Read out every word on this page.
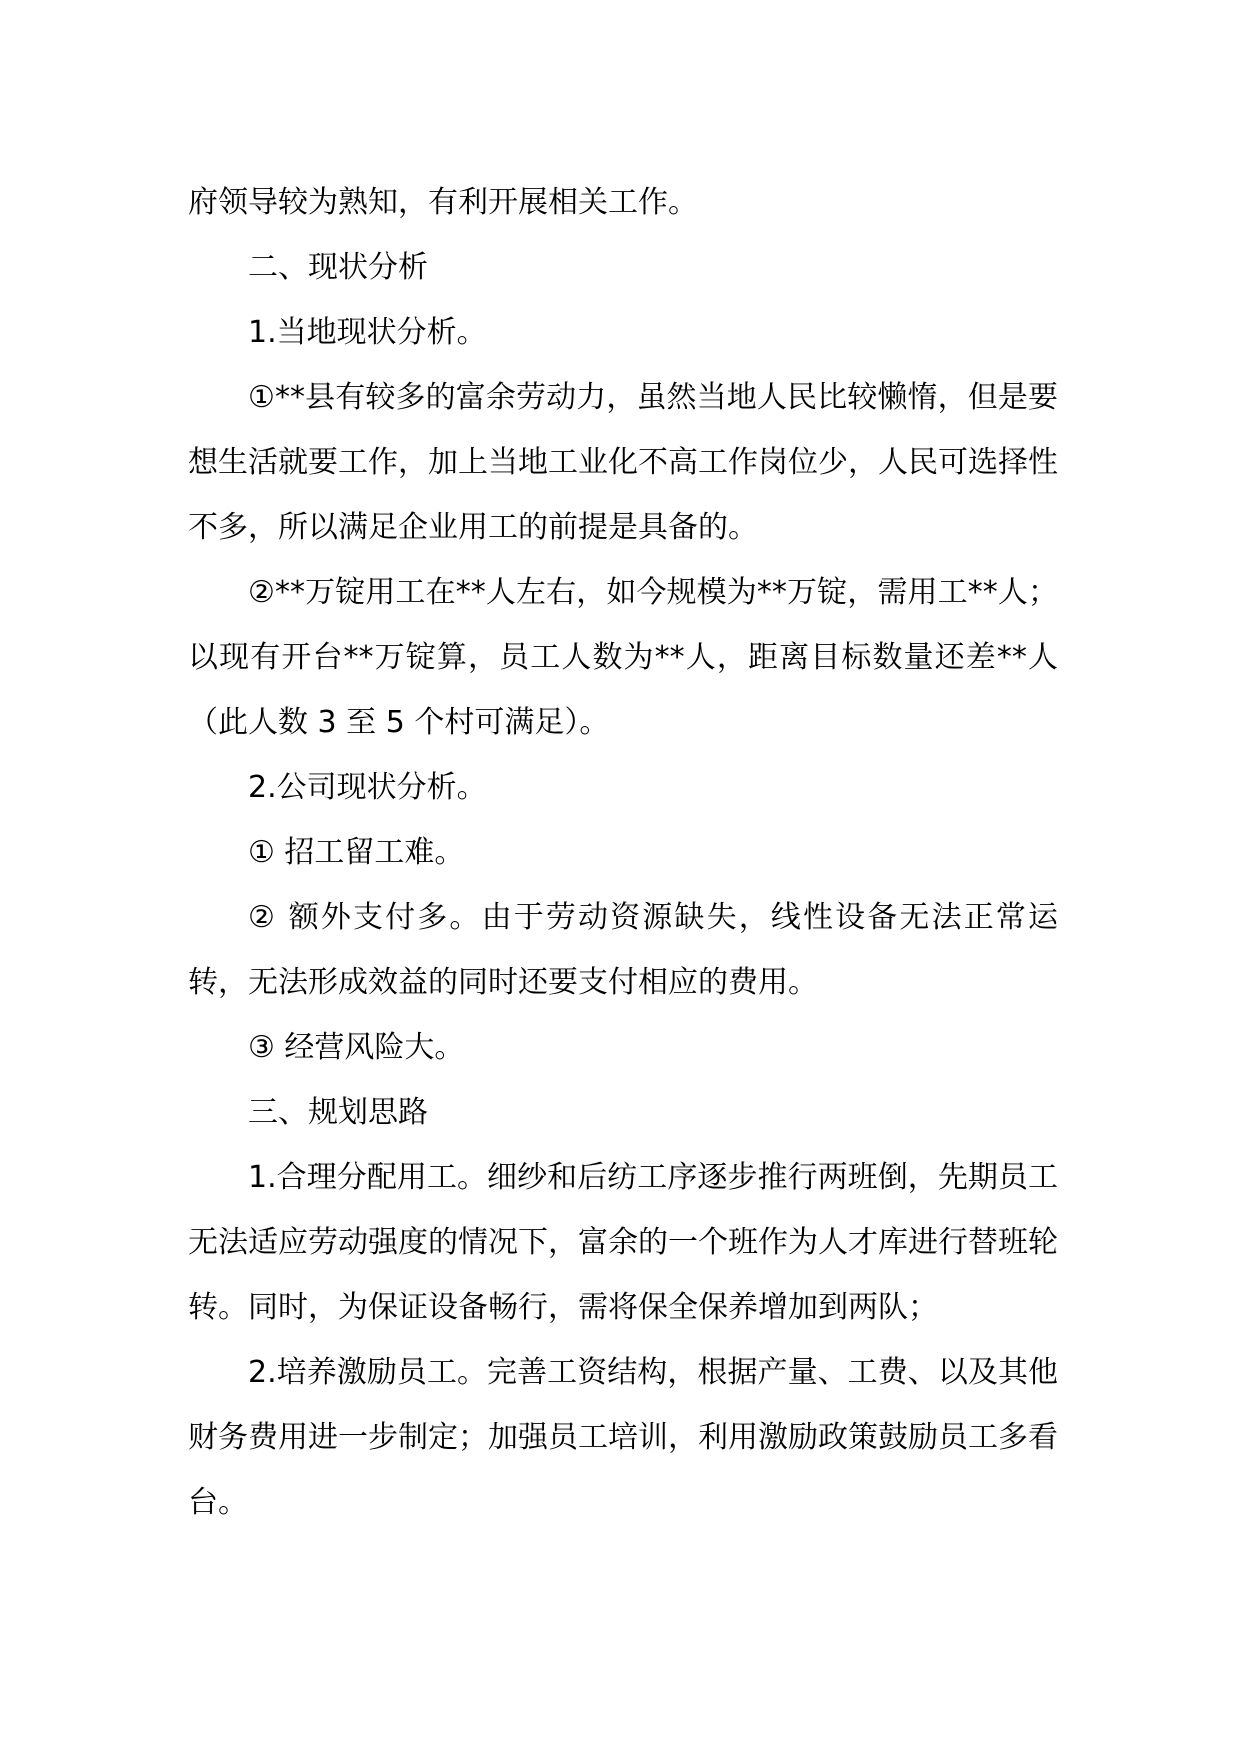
府领导较为熟知，有利开展相关工作。

二、现状分析

1.当地现状分析。

①**县有较多的富余劳动力，虽然当地人民比较懒惰，但是要想生活就要工作，加上当地工业化不高工作岗位少，人民可选择性不多，所以满足企业用工的前提是具备的。

②**万锭用工在**人左右，如今规模为**万锭，需用工**人；以现有开台**万锭算，员工人数为**人，距离目标数量还差**人（此人数 3 至 5 个村可满足）。

2.公司现状分析。

① 招工留工难。

② 额外支付多。由于劳动资源缺失，线性设备无法正常运转，无法形成效益的同时还要支付相应的费用。

③ 经营风险大。

三、规划思路

1.合理分配用工。细纱和后纺工序逐步推行两班倒，先期员工无法适应劳动强度的情况下，富余的一个班作为人才库进行替班轮转。同时，为保证设备畅行，需将保全保养增加到两队；

2.培养激励员工。完善工资结构，根据产量、工费、以及其他财务费用进一步制定；加强员工培训，利用激励政策鼓励员工多看台。
